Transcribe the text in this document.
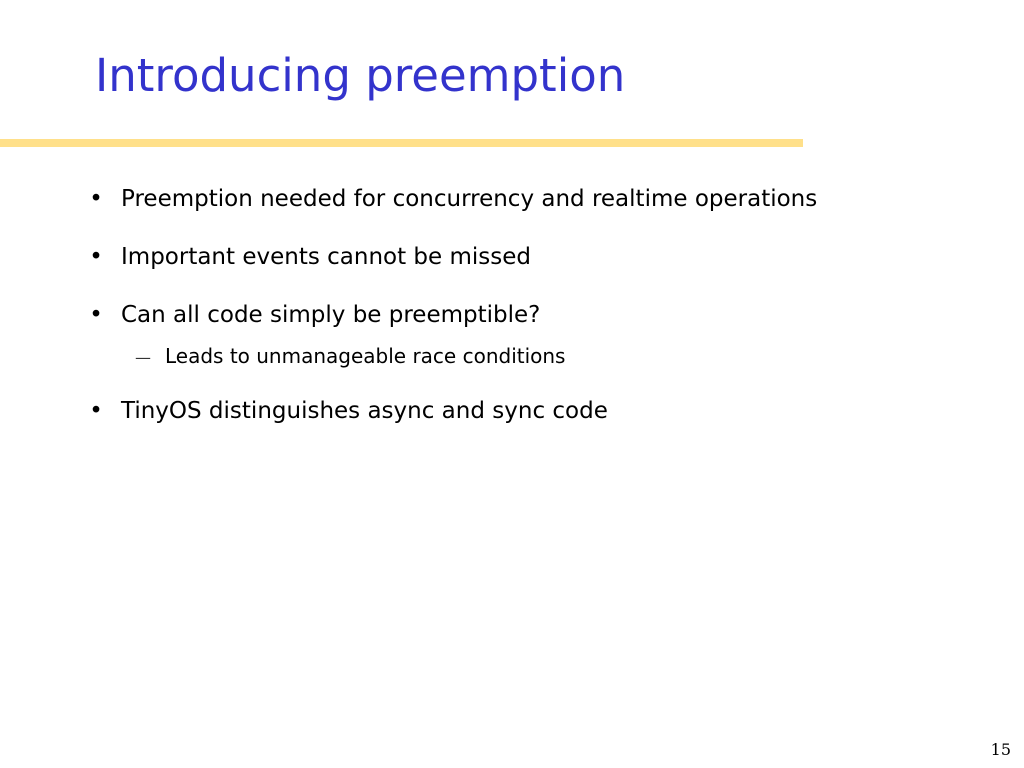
Introducing preemption
• Preemption needed for concurrency and realtime operations
• Important events cannot be missed
• Can all code simply be preemptible?
— Leads to unmanageable race conditions
• TinyOS distinguishes async and sync code
15
